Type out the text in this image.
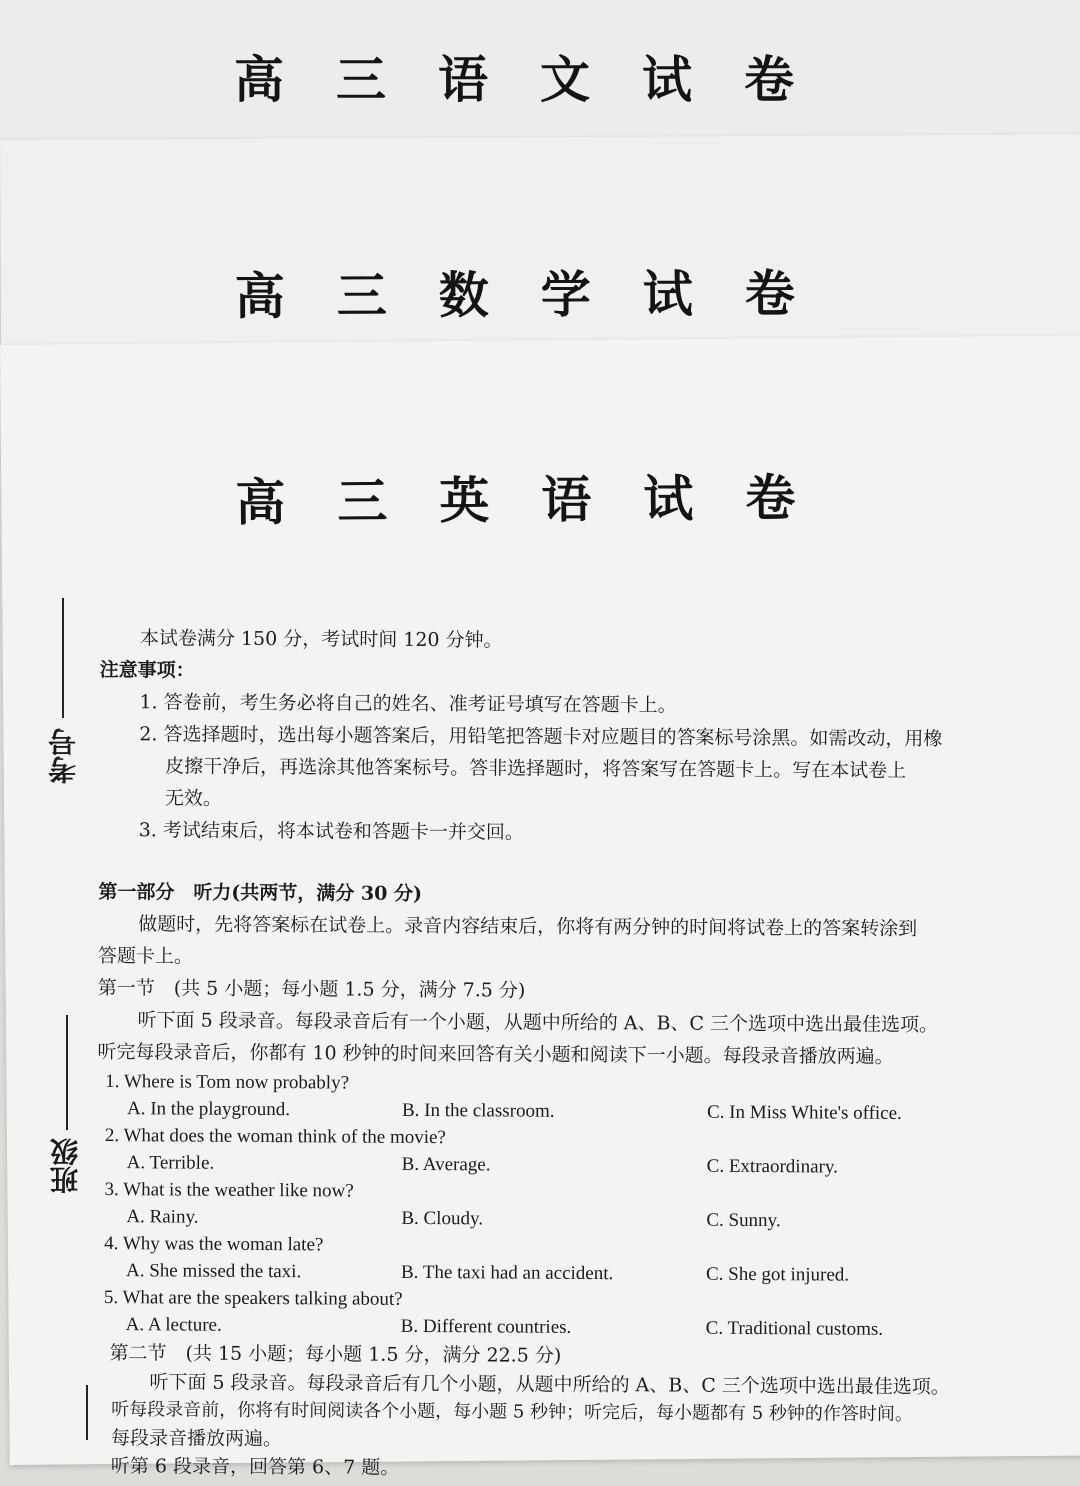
高三语文试卷
高三数学试卷
高三英语试卷
考号
班级

本试卷满分 150 分，考试时间 120 分钟。

注意事项：

1. 答卷前，考生务必将自己的姓名、准考证号填写在答题卡上。

2. 答选择题时，选出每小题答案后，用铅笔把答题卡对应题目的答案标号涂黑。如需改动，用橡

皮擦干净后，再选涂其他答案标号。答非选择题时，将答案写在答题卡上。写在本试卷上

无效。

3. 考试结束后，将本试卷和答题卡一并交回。

第一部分　听力(共两节，满分 30 分)

做题时，先将答案标在试卷上。录音内容结束后，你将有两分钟的时间将试卷上的答案转涂到

答题卡上。

第一节　(共 5 小题；每小题 1.5 分，满分 7.5 分)

听下面 5 段录音。每段录音后有一个小题，从题中所给的 A、B、C 三个选项中选出最佳选项。

听完每段录音后，你都有 10 秒钟的时间来回答有关小题和阅读下一小题。每段录音播放两遍。

1. Where is Tom now probably?
A. In the playground.	B. In the classroom.	C. In Miss White's office.
2. What does the woman think of the movie?
A. Terrible.	B. Average.	C. Extraordinary.
3. What is the weather like now?
A. Rainy.	B. Cloudy.	C. Sunny.
4. Why was the woman late?
A. She missed the taxi.	B. The taxi had an accident.	C. She got injured.
5. What are the speakers talking about?
A. A lecture.	B. Different countries.	C. Traditional customs.

第二节　(共 15 小题；每小题 1.5 分，满分 22.5 分)

听下面 5 段录音。每段录音后有几个小题，从题中所给的 A、B、C 三个选项中选出最佳选项。

听每段录音前，你将有时间阅读各个小题，每小题 5 秒钟；听完后，每小题都有 5 秒钟的作答时间。

每段录音播放两遍。

听第 6 段录音，回答第 6、7 题。
